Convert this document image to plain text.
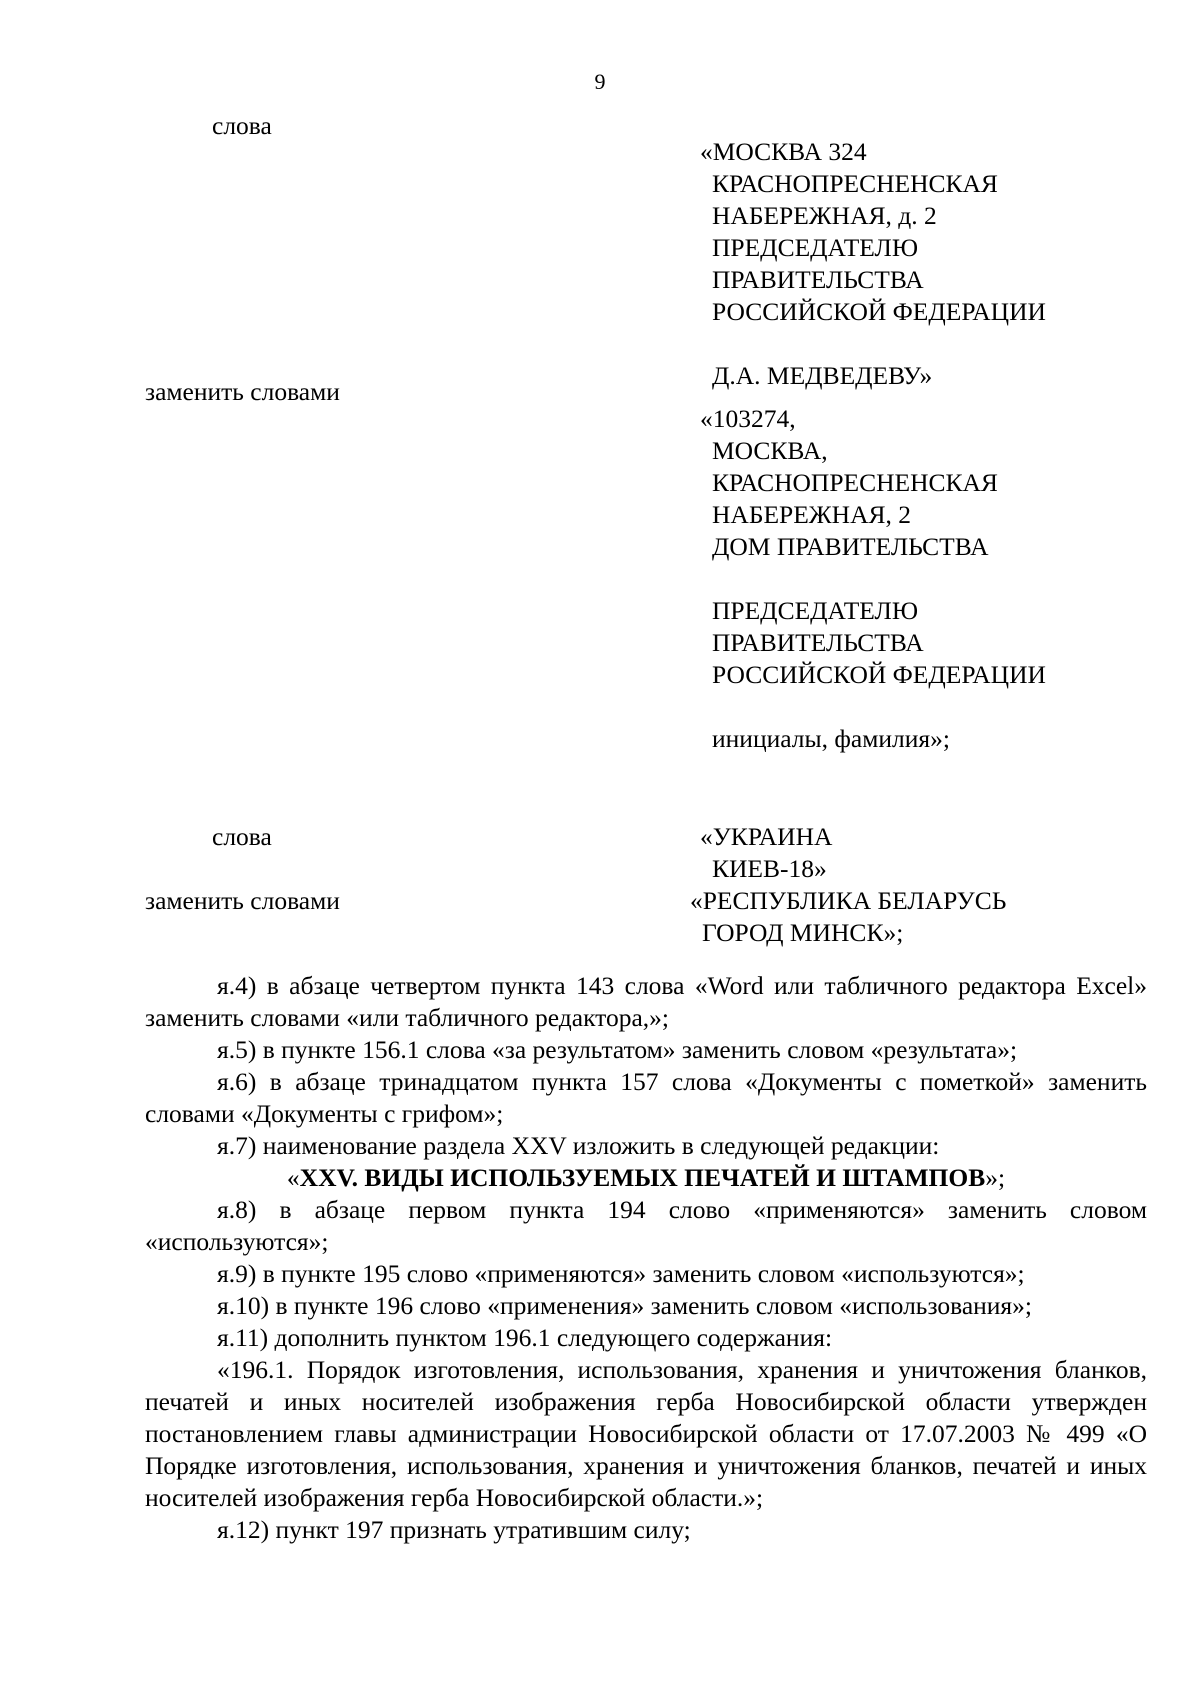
9
слова
«МОСКВА 324
КРАСНОПРЕСНЕНСКАЯ
НАБЕРЕЖНАЯ, д. 2
ПРЕДСЕДАТЕЛЮ
ПРАВИТЕЛЬСТВА
РОССИЙСКОЙ ФЕДЕРАЦИИ
Д.А. МЕДВЕДЕВУ»
заменить словами
«103274,
МОСКВА,
КРАСНОПРЕСНЕНСКАЯ
НАБЕРЕЖНАЯ, 2
ДОМ ПРАВИТЕЛЬСТВА
ПРЕДСЕДАТЕЛЮ
ПРАВИТЕЛЬСТВА
РОССИЙСКОЙ ФЕДЕРАЦИИ
инициалы, фамилия»;
слова	«УКРАИНА
КИЕВ-18»
заменить словами	«РЕСПУБЛИКА БЕЛАРУСЬ
ГОРОД МИНСК»;

я.4) в абзаце четвертом пункта 143 слова «Word или табличного редактора Excel» заменить словами «или табличного редактора,»;

я.5) в пункте 156.1 слова «за результатом» заменить словом «результата»;

я.6) в абзаце тринадцатом пункта 157 слова «Документы с пометкой» заменить словами «Документы с грифом»;

я.7) наименование раздела XXV изложить в следующей редакции:

«XXV. ВИДЫ ИСПОЛЬЗУЕМЫХ ПЕЧАТЕЙ И ШТАМПОВ»;

я.8) в абзаце первом пункта 194 слово «применяются» заменить словом «используются»;

я.9) в пункте 195 слово «применяются» заменить словом «используются»;

я.10) в пункте 196 слово «применения» заменить словом «использования»;

я.11) дополнить пунктом 196.1 следующего содержания:

«196.1. Порядок изготовления, использования, хранения и уничтожения бланков, печатей и иных носителей изображения герба Новосибирской области утвержден постановлением главы администрации Новосибирской области от 17.07.2003 № 499 «О Порядке изготовления, использования, хранения и уничтожения бланков, печатей и иных носителей изображения герба Новосибирской области.»;

я.12) пункт 197 признать утратившим силу;
